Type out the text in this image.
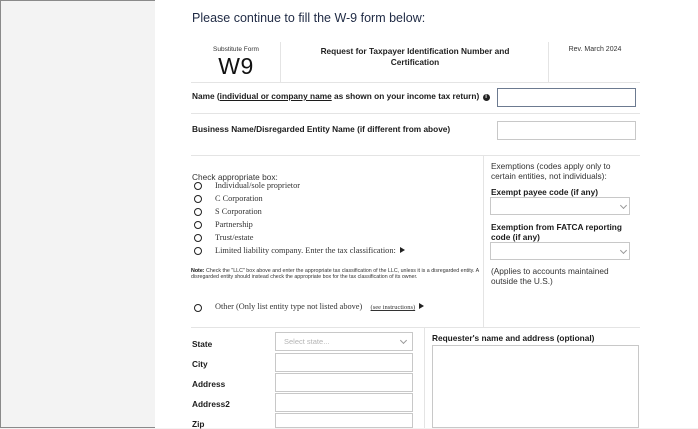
Please continue to fill the W-9 form below:
Substitute Form
W9
Request for Taxpayer Identification Number and Certification
Rev. March 2024
Name (individual or company name as shown on your income tax return) i
Business Name/Disregarded Entity Name (if different from above)
Check appropriate box:
Individual/sole proprietor
C Corporation
S Corporation
Partnership
Trust/estate
Limited liability company. Enter the tax classification:
Note: Check the "LLC" box above and enter the appropriate tax classification of the LLC, unless it is a disregarded entity. A disregarded entity should instead check the appropriate box for the tax classification of its owner.
Other (Only list entity type not listed above) (see instructions)
Exemptions (codes apply only to certain entities, not individuals):
Exempt payee code (if any)
Exemption from FATCA reporting code (if any)
(Applies to accounts maintained outside the U.S.)
State	Select state...
City
Address
Address2
Zip
Requester's name and address (optional)
